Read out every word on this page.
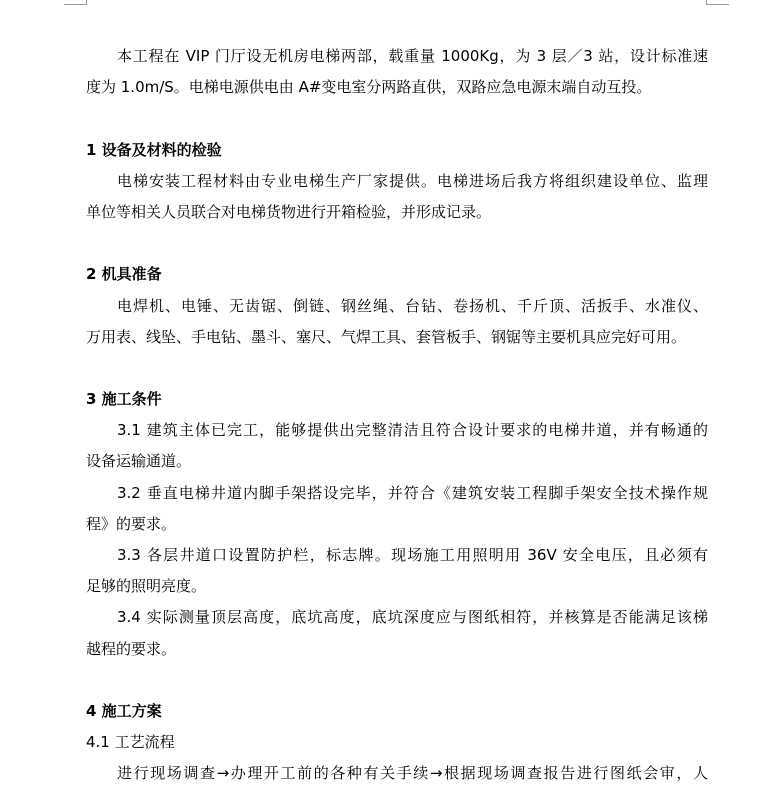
本工程在 VIP 门厅设无机房电梯两部，载重量 1000Kg，为 3 层／3 站，设计标准速
度为 1.0m/S。电梯电源供电由 A#变电室分两路直供，双路应急电源末端自动互投。
1 设备及材料的检验
电梯安装工程材料由专业电梯生产厂家提供。电梯进场后我方将组织建设单位、监理
单位等相关人员联合对电梯货物进行开箱检验，并形成记录。
2 机具准备
电焊机、电锤、无齿锯、倒链、钢丝绳、台钻、卷扬机、千斤顶、活扳手、水准仪、
万用表、线坠、手电钻、墨斗、塞尺、气焊工具、套管板手、钢锯等主要机具应完好可用。
3 施工条件
3.1 建筑主体已完工，能够提供出完整清洁且符合设计要求的电梯井道，并有畅通的
设备运输通道。
3.2 垂直电梯井道内脚手架搭设完毕，并符合《建筑安装工程脚手架安全技术操作规
程》的要求。
3.3 各层井道口设置防护栏，标志牌。现场施工用照明用 36V 安全电压，且必须有
足够的照明亮度。
3.4 实际测量顶层高度，底坑高度，底坑深度应与图纸相符，并核算是否能满足该梯
越程的要求。
4 施工方案
4.1 工艺流程
进行现场调查→办理开工前的各种有关手续→根据现场调查报告进行图纸会审，人
